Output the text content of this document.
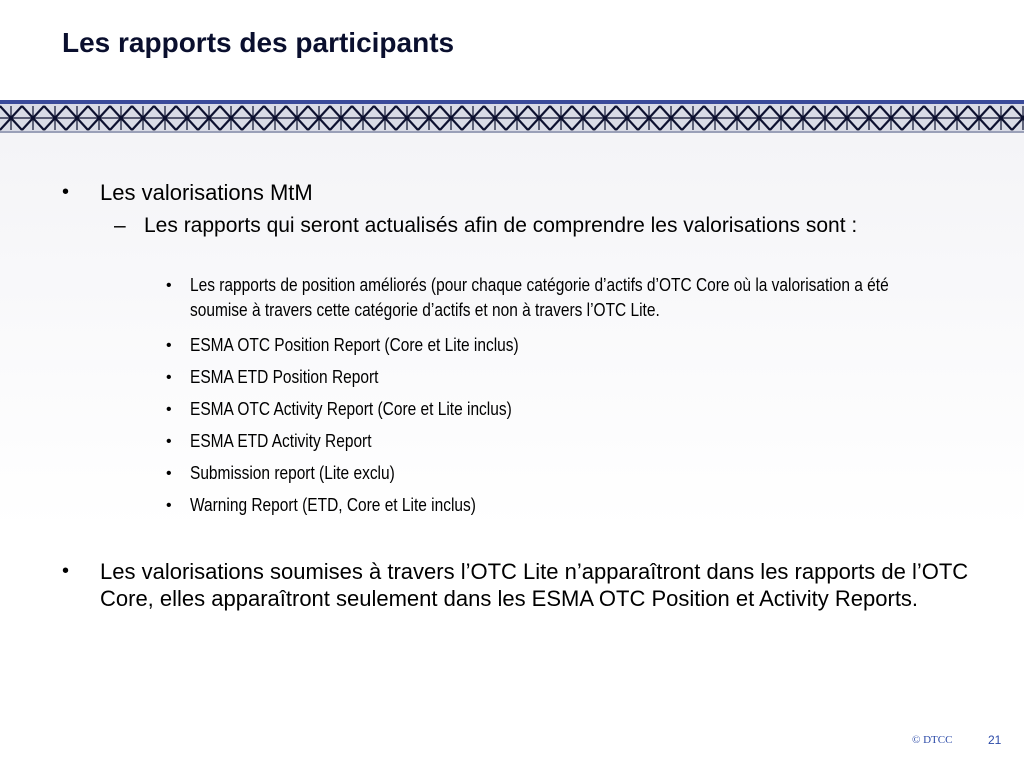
Les rapports des participants
• Les valorisations MtM
– Les rapports qui seront actualisés afin de comprendre les valorisations sont :
• Les rapports de position améliorés (pour chaque catégorie d’actifs d’OTC Core où la valorisation a été soumise à travers cette catégorie d’actifs et non à travers l’OTC Lite.
• ESMA OTC Position Report (Core et Lite inclus)
• ESMA ETD Position Report
• ESMA OTC Activity Report (Core et Lite inclus)
• ESMA ETD Activity Report
• Submission report (Lite exclu)
• Warning Report (ETD, Core et Lite inclus)
• Les valorisations soumises à travers l’OTC Lite n’apparaîtront dans les rapports de l’OTC Core, elles apparaîtront seulement dans les ESMA OTC Position et Activity Reports.
© DTCC	21
